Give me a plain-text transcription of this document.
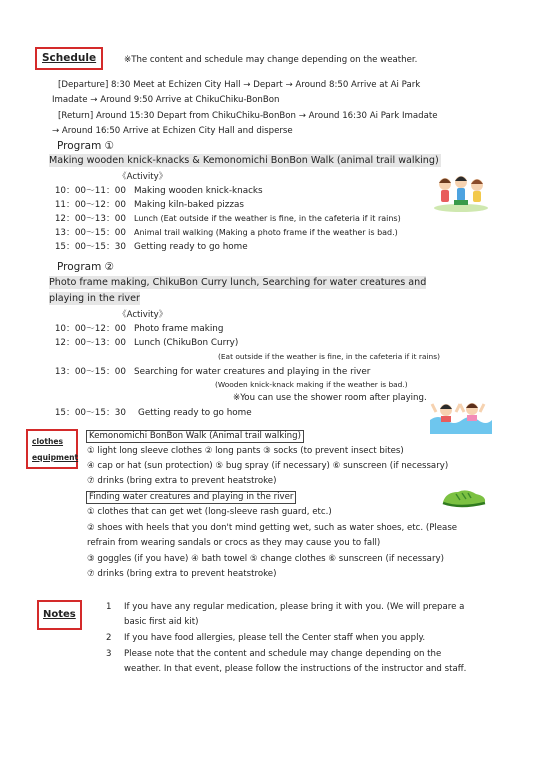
Schedule	※The content and schedule may change depending on the weather.
[Departure] 8:30 Meet at Echizen City Hall → Depart → Around 8:50 Arrive at Ai Park
Imadate → Around 9:50 Arrive at ChikuChiku-BonBon
[Return] Around 15:30 Depart from ChikuChiku-BonBon → Around 16:30 Ai Park Imadate
→ Around 16:50 Arrive at Echizen City Hall and disperse
Program ①
Making wooden knick-knacks & Kemonomichi BonBon Walk (animal trail walking)
《Activity》
10：00～11：00 Making wooden knick-knacks
11：00～12：00 Making kiln-baked pizzas
12：00～13：00 Lunch (Eat outside if the weather is fine, in the cafeteria if it rains)
13：00～15：00 Animal trail walking (Making a photo frame if the weather is bad.)
15：00～15：30 Getting ready to go home
Program ②
Photo frame making, ChikuBon Curry lunch, Searching for water creatures and
playing in the river
《Activity》
10：00～12：00 Photo frame making
12：00～13：00 Lunch (ChikuBon Curry)
(Eat outside if the weather is fine, in the cafeteria if it rains)
13：00～15：00 Searching for water creatures and playing in the river
(Wooden knick-knack making if the weather is bad.)
※You can use the shower room after playing.
15：00～15：30 Getting ready to go home
clothes
equipment
Kemonomichi BonBon Walk (Animal trail walking)
① light long sleeve clothes ② long pants ③ socks (to prevent insect bites)
④ cap or hat (sun protection) ⑤ bug spray (if necessary) ⑥ sunscreen (if necessary)
⑦ drinks (bring extra to prevent heatstroke)
Finding water creatures and playing in the river
① clothes that can get wet (long-sleeve rash guard, etc.)
② shoes with heels that you don't mind getting wet, such as water shoes, etc. (Please
refrain from wearing sandals or crocs as they may cause you to fall)
③ goggles (if you have) ④ bath towel ⑤ change clothes ⑥ sunscreen (if necessary)
⑦ drinks (bring extra to prevent heatstroke)
Notes
1 If you have any regular medication, please bring it with you. (We will prepare a
basic first aid kit)
2 If you have food allergies, please tell the Center staff when you apply.
3 Please note that the content and schedule may change depending on the
weather. In that event, please follow the instructions of the instructor and staff.
